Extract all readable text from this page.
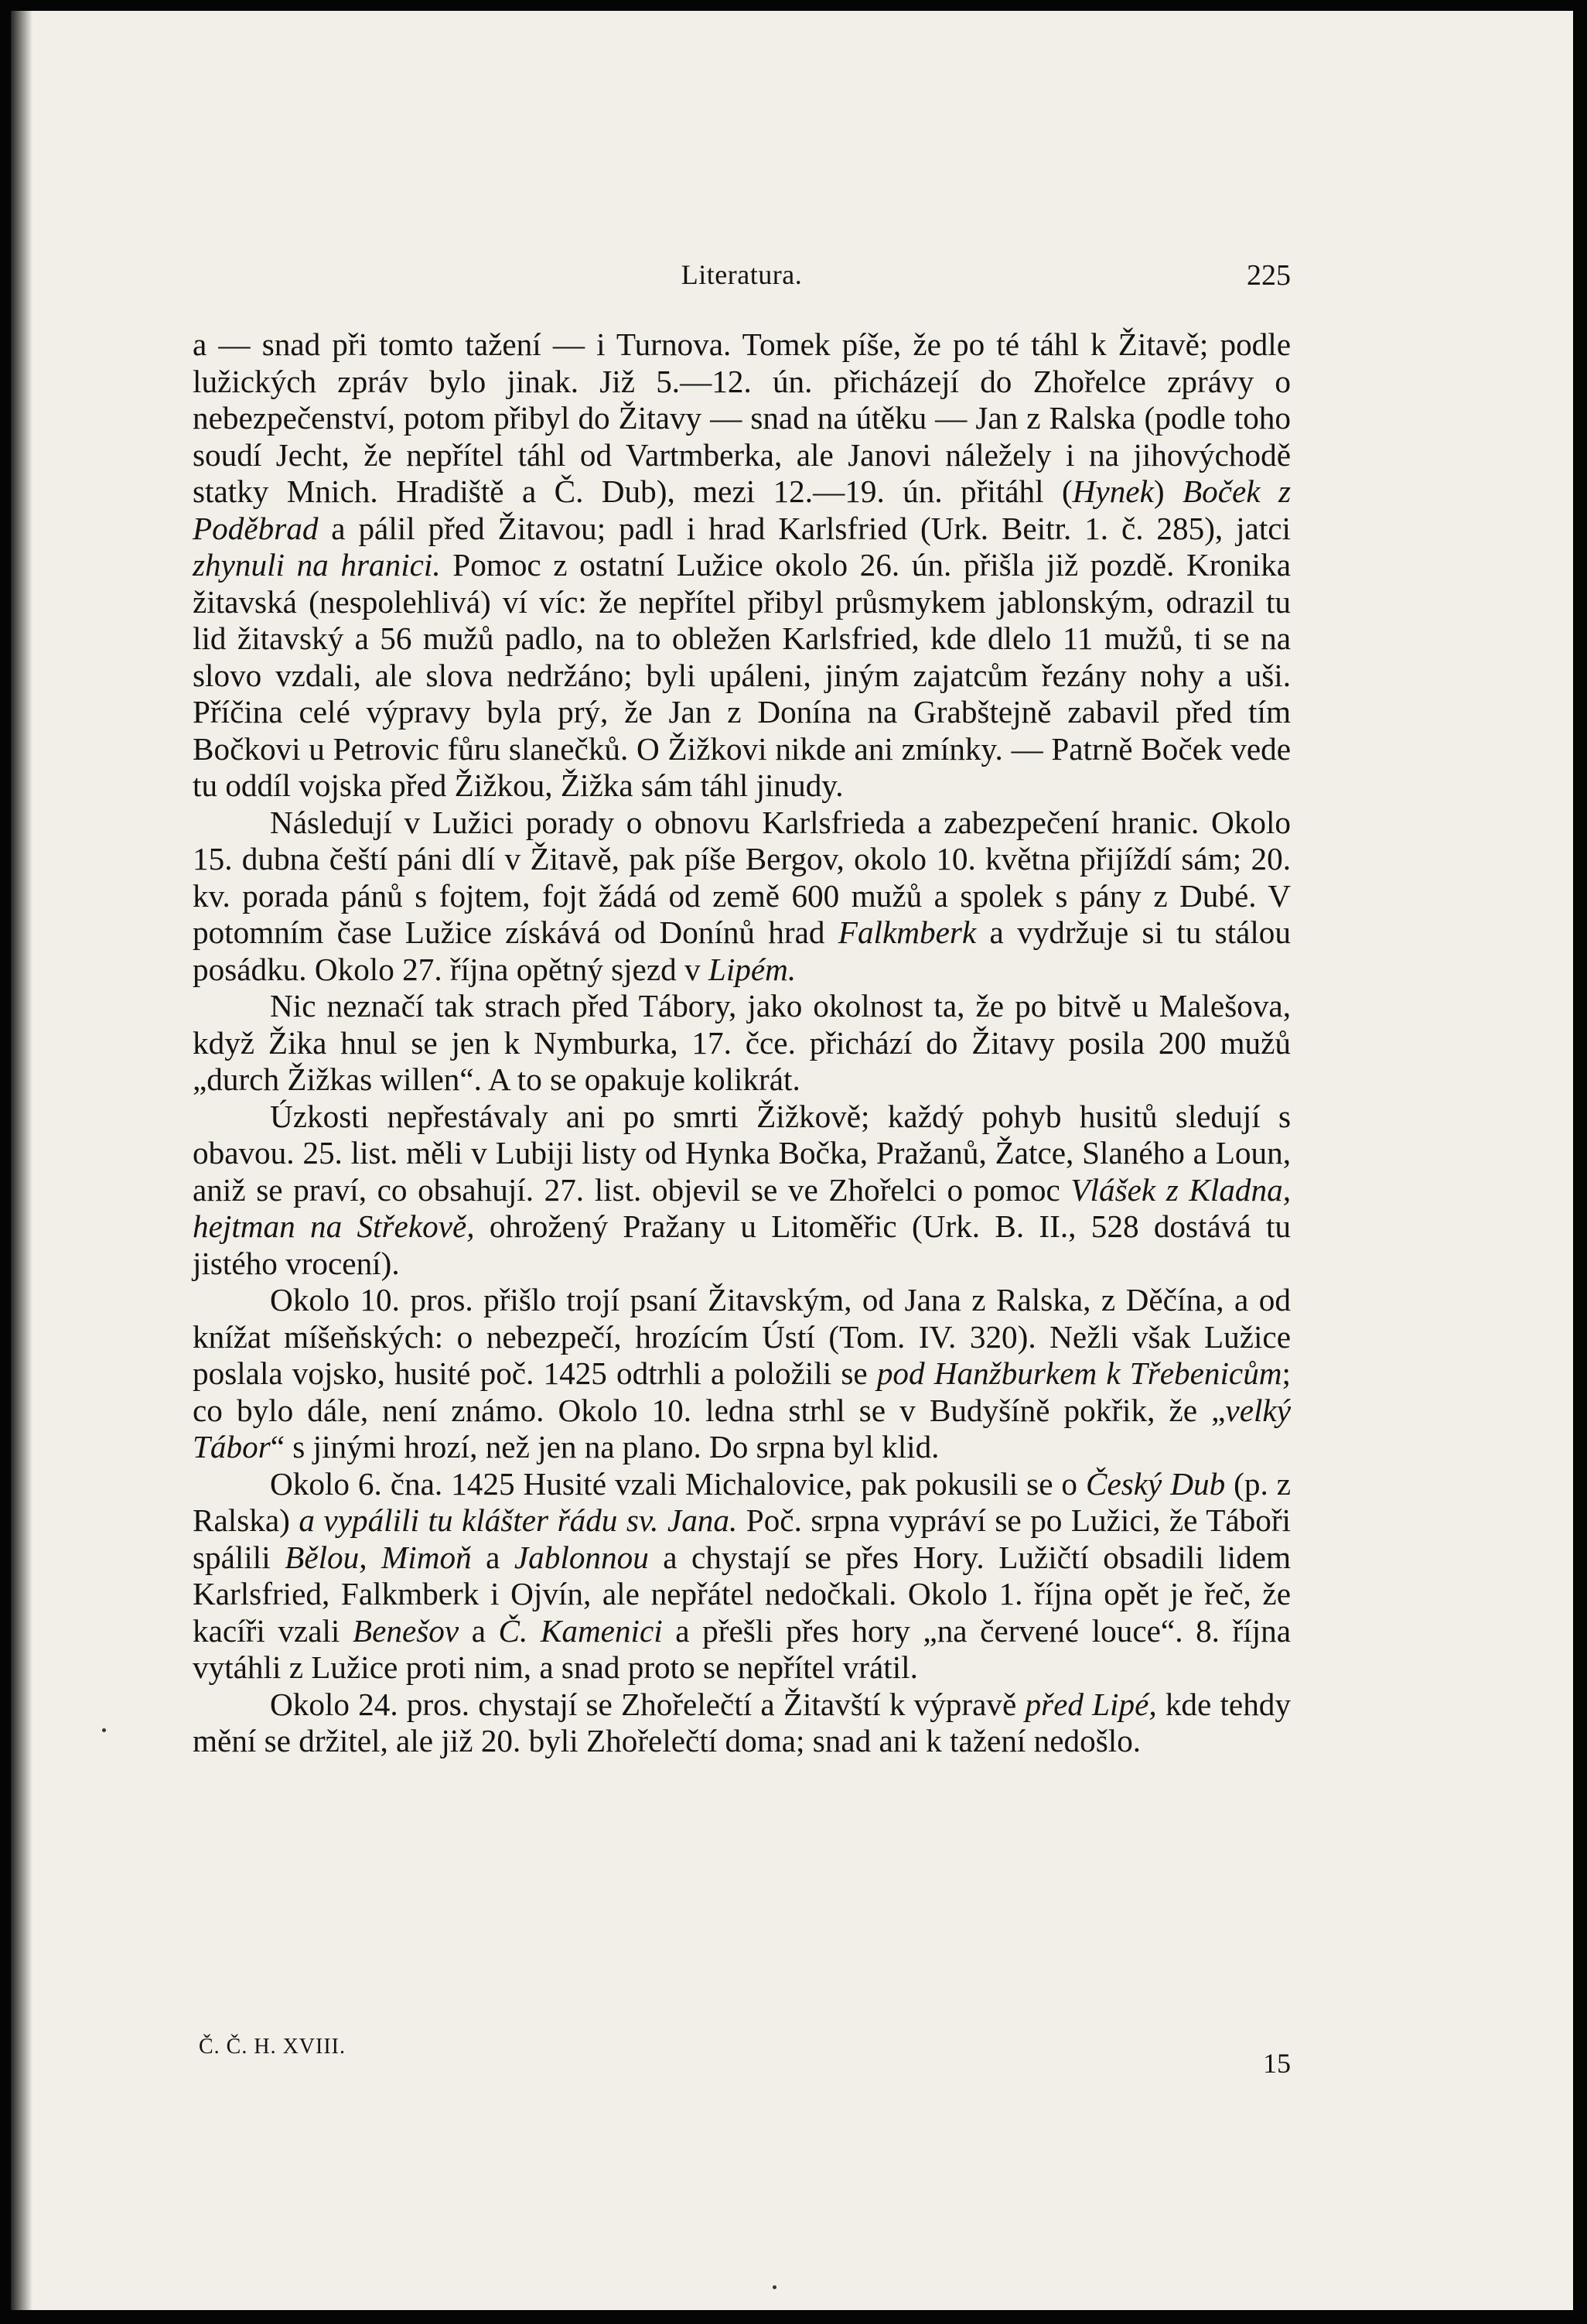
Literatura.	225

a — snad při tomto tažení — i Turnova. Tomek píše, že po té táhl k Žitavě; podle lužických zpráv bylo jinak. Již 5.—12. ún. přicházejí do Zhořelce zprávy o nebezpečenství, potom přibyl do Žitavy — snad na útěku — Jan z Ralska (podle toho soudí Jecht, že nepřítel táhl od Vartmberka, ale Janovi náležely i na jihovýchodě statky Mnich. Hradiště a Č. Dub), mezi 12.—19. ún. přitáhl (Hynek) Boček z Poděbrad a pálil před Žitavou; padl i hrad Karlsfried (Urk. Beitr. 1. č. 285), jatci zhynuli na hranici. Pomoc z ostatní Lužice okolo 26. ún. přišla již pozdě. Kronika žitavská (nespolehlivá) ví víc: že nepřítel přibyl průsmykem jablonským, odrazil tu lid žitavský a 56 mužů padlo, na to obležen Karlsfried, kde dlelo 11 mužů, ti se na slovo vzdali, ale slova nedržáno; byli upáleni, jiným zajatcům řezány nohy a uši. Příčina celé výpravy byla prý, že Jan z Donína na Grabštejně zabavil před tím Bočkovi u Petrovic fůru slanečků. O Žižkovi nikde ani zmínky. — Patrně Boček vede tu oddíl vojska před Žižkou, Žižka sám táhl jinudy.

Následují v Lužici porady o obnovu Karlsfrieda a zabezpečení hranic. Okolo 15. dubna čeští páni dlí v Žitavě, pak píše Bergov, okolo 10. května přijíždí sám; 20. kv. porada pánů s fojtem, fojt žádá od země 600 mužů a spolek s pány z Dubé. V potomním čase Lužice získává od Donínů hrad Falkmberk a vydržuje si tu stálou posádku. Okolo 27. října opětný sjezd v Lipém.

Nic neznačí tak strach před Tábory, jako okolnost ta, že po bitvě u Malešova, když Žika hnul se jen k Nymburka, 17. čce. přichází do Žitavy posila 200 mužů „durch Žižkas willen“. A to se opakuje kolikrát.

Úzkosti nepřestávaly ani po smrti Žižkově; každý pohyb husitů sledují s obavou. 25. list. měli v Lubiji listy od Hynka Bočka, Pražanů, Žatce, Slaného a Loun, aniž se praví, co obsahují. 27. list. objevil se ve Zhořelci o pomoc Vlášek z Kladna, hejtman na Střekově, ohrožený Pražany u Litoměřic (Urk. B. II., 528 dostává tu jistého vrocení).

Okolo 10. pros. přišlo trojí psaní Žitavským, od Jana z Ralska, z Děčína, a od knížat míšeňských: o nebezpečí, hrozícím Ústí (Tom. IV. 320). Nežli však Lužice poslala vojsko, husité poč. 1425 odtrhli a položili se pod Hanžburkem k Třebenicům; co bylo dále, není známo. Okolo 10. ledna strhl se v Budyšíně pokřik, že „velký Tábor“ s jinými hrozí, než jen na plano. Do srpna byl klid.

Okolo 6. čna. 1425 Husité vzali Michalovice, pak pokusili se o Český Dub (p. z Ralska) a vypálili tu klášter řádu sv. Jana. Poč. srpna vypráví se po Lužici, že Táboři spálili Bělou, Mimoň a Jablonnou a chystají se přes Hory. Lužičtí obsadili lidem Karlsfried, Falkmberk i Ojvín, ale nepřátel nedočkali. Okolo 1. října opět je řeč, že kacíři vzali Benešov a Č. Kamenici a přešli přes hory „na červené louce“. 8. října vytáhli z Lužice proti nim, a snad proto se nepřítel vrátil.

Okolo 24. pros. chystají se Zhořelečtí a Žitavští k výpravě před Lipé, kde tehdy mění se držitel, ale již 20. byli Zhořelečtí doma; snad ani k tažení nedošlo.

Č. Č. H. XVIII.
15
